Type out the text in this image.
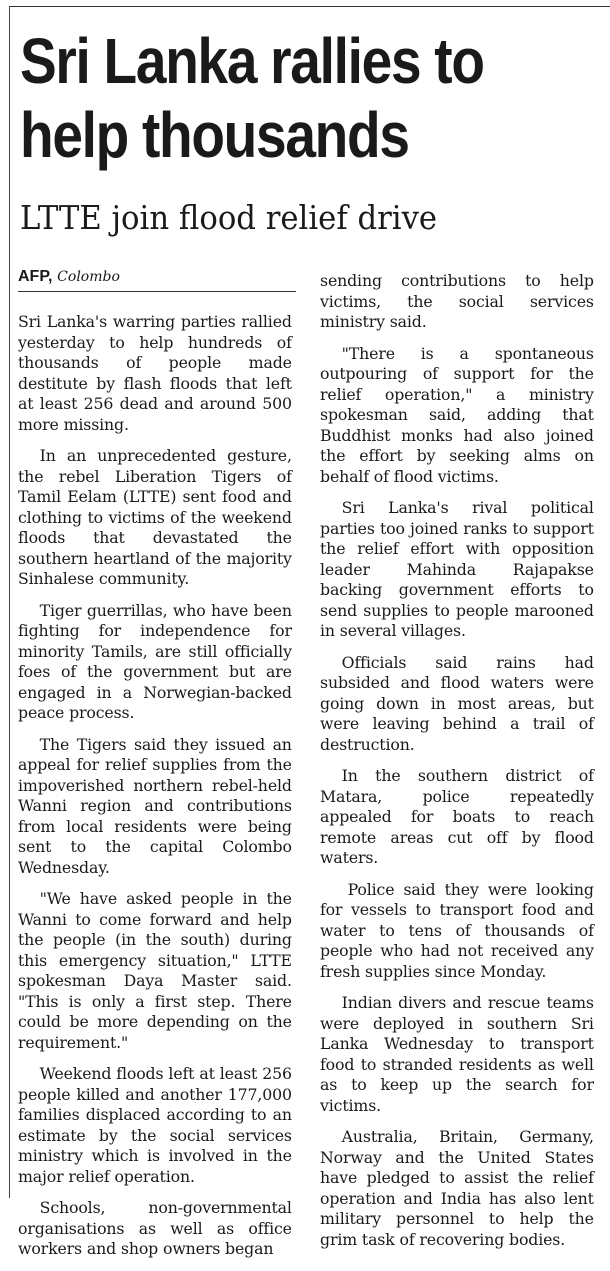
Sri Lanka rallies to
help thousands
LTTE join flood relief drive
AFP, Colombo

Sri Lanka's warring parties rallied yesterday to help hundreds of thousands of people made destitute by flash floods that left at least 256 dead and around 500 more missing.

In an unprecedented gesture, the rebel Liberation Tigers of Tamil Eelam (LTTE) sent food and clothing to victims of the weekend floods that devastated the southern heartland of the majority Sinhalese community.

Tiger guerrillas, who have been fighting for independence for minority Tamils, are still officially foes of the government but are engaged in a Norwegian-backed peace process.

The Tigers said they issued an appeal for relief supplies from the impoverished northern rebel-held Wanni region and contributions from local residents were being sent to the capital Colombo Wednesday.

"We have asked people in the Wanni to come forward and help the people (in the south) during this emergency situation," LTTE spokesman Daya Master said. "This is only a first step. There could be more depending on the requirement."

Weekend floods left at least 256 people killed and another 177,000 families displaced according to an estimate by the social services ministry which is involved in the major relief operation.

Schools, non-governmental organisations as well as office workers and shop owners began

sending contributions to help victims, the social services ministry said.

"There is a spontaneous outpouring of support for the relief operation," a ministry spokesman said, adding that Buddhist monks had also joined the effort by seeking alms on behalf of flood victims.

Sri Lanka's rival political parties too joined ranks to support the relief effort with opposition leader Mahinda Rajapakse backing government efforts to send supplies to people marooned in several villages.

Officials said rains had subsided and flood waters were going down in most areas, but were leaving behind a trail of destruction.

In the southern district of Matara, police repeatedly appealed for boats to reach remote areas cut off by flood waters.

Police said they were looking for vessels to transport food and water to tens of thousands of people who had not received any fresh supplies since Monday.

Indian divers and rescue teams were deployed in southern Sri Lanka Wednesday to transport food to stranded residents as well as to keep up the search for victims.

Australia, Britain, Germany, Norway and the United States have pledged to assist the relief operation and India has also lent military personnel to help the grim task of recovering bodies.
